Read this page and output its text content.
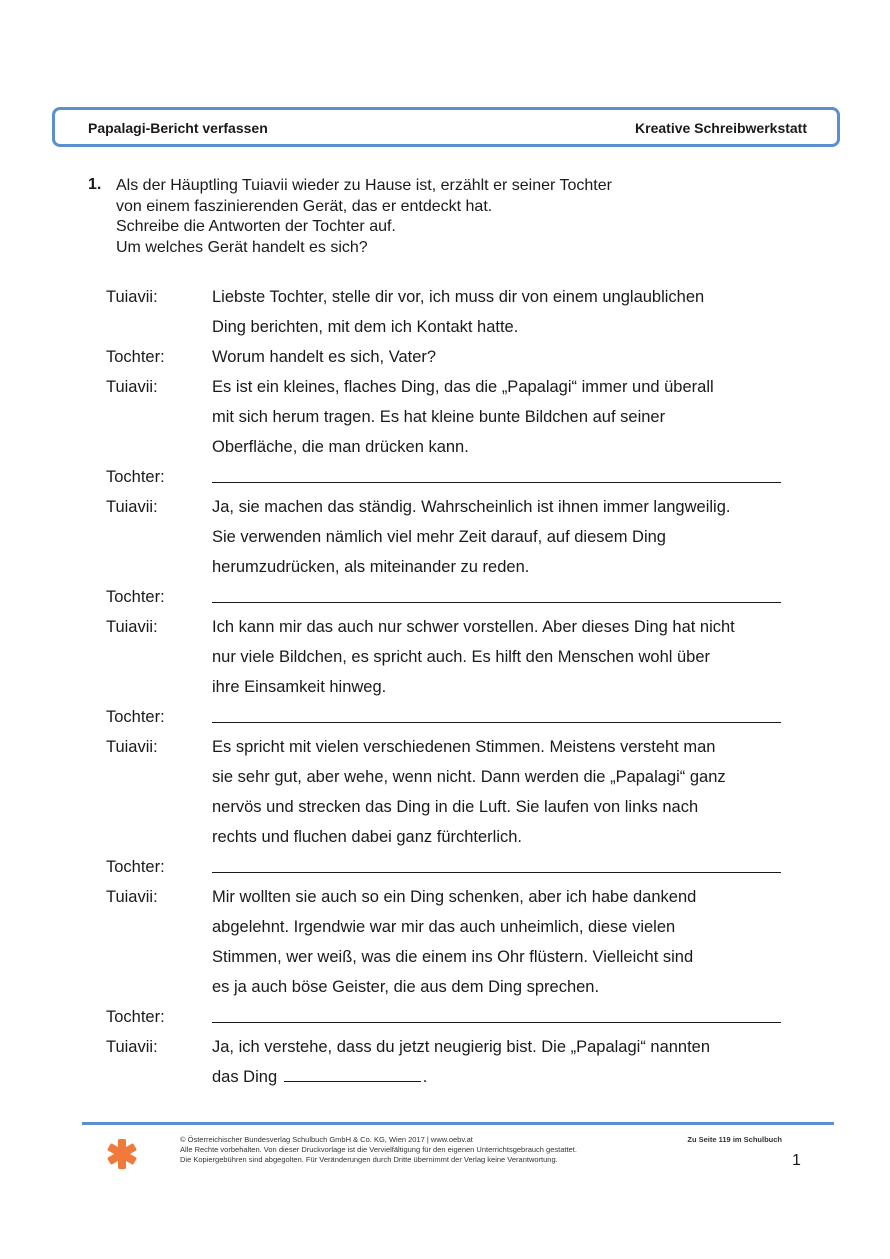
Papalagi-Bericht verfassen	Kreative Schreibwerkstatt
1. Als der Häuptling Tuiavii wieder zu Hause ist, erzählt er seiner Tochter
von einem faszinierenden Gerät, das er entdeckt hat.
Schreibe die Antworten der Tochter auf.
Um welches Gerät handelt es sich?
Tuiavii:	Liebste Tochter, stelle dir vor, ich muss dir von einem unglaublichen
Ding berichten, mit dem ich Kontakt hatte.
Tochter:	Worum handelt es sich, Vater?
Tuiavii:	Es ist ein kleines, flaches Ding, das die „Papalagi“ immer und überall
mit sich herum tragen. Es hat kleine bunte Bildchen auf seiner
Oberfläche, die man drücken kann.
Tochter:
Tuiavii:	Ja, sie machen das ständig. Wahrscheinlich ist ihnen immer langweilig.
Sie verwenden nämlich viel mehr Zeit darauf, auf diesem Ding
herumzudrücken, als miteinander zu reden.
Tochter:
Tuiavii:	Ich kann mir das auch nur schwer vorstellen. Aber dieses Ding hat nicht
nur viele Bildchen, es spricht auch. Es hilft den Menschen wohl über
ihre Einsamkeit hinweg.
Tochter:
Tuiavii:	Es spricht mit vielen verschiedenen Stimmen. Meistens versteht man
sie sehr gut, aber wehe, wenn nicht. Dann werden die „Papalagi“ ganz
nervös und strecken das Ding in die Luft. Sie laufen von links nach
rechts und fluchen dabei ganz fürchterlich.
Tochter:
Tuiavii:	Mir wollten sie auch so ein Ding schenken, aber ich habe dankend
abgelehnt. Irgendwie war mir das auch unheimlich, diese vielen
Stimmen, wer weiß, was die einem ins Ohr flüstern. Vielleicht sind
es ja auch böse Geister, die aus dem Ding sprechen.
Tochter:
Tuiavii:	Ja, ich verstehe, dass du jetzt neugierig bist. Die „Papalagi“ nannten
das Ding	.
© Österreichischer Bundesverlag Schulbuch GmbH & Co. KG, Wien 2017 | www.oebv.at
Alle Rechte vorbehalten. Von dieser Druckvorlage ist die Vervielfältigung für den eigenen Unterrichtsgebrauch gestattet.
Die Kopiergebühren sind abgegolten. Für Veränderungen durch Dritte übernimmt der Verlag keine Verantwortung.
Zu Seite 119 im Schulbuch
1
